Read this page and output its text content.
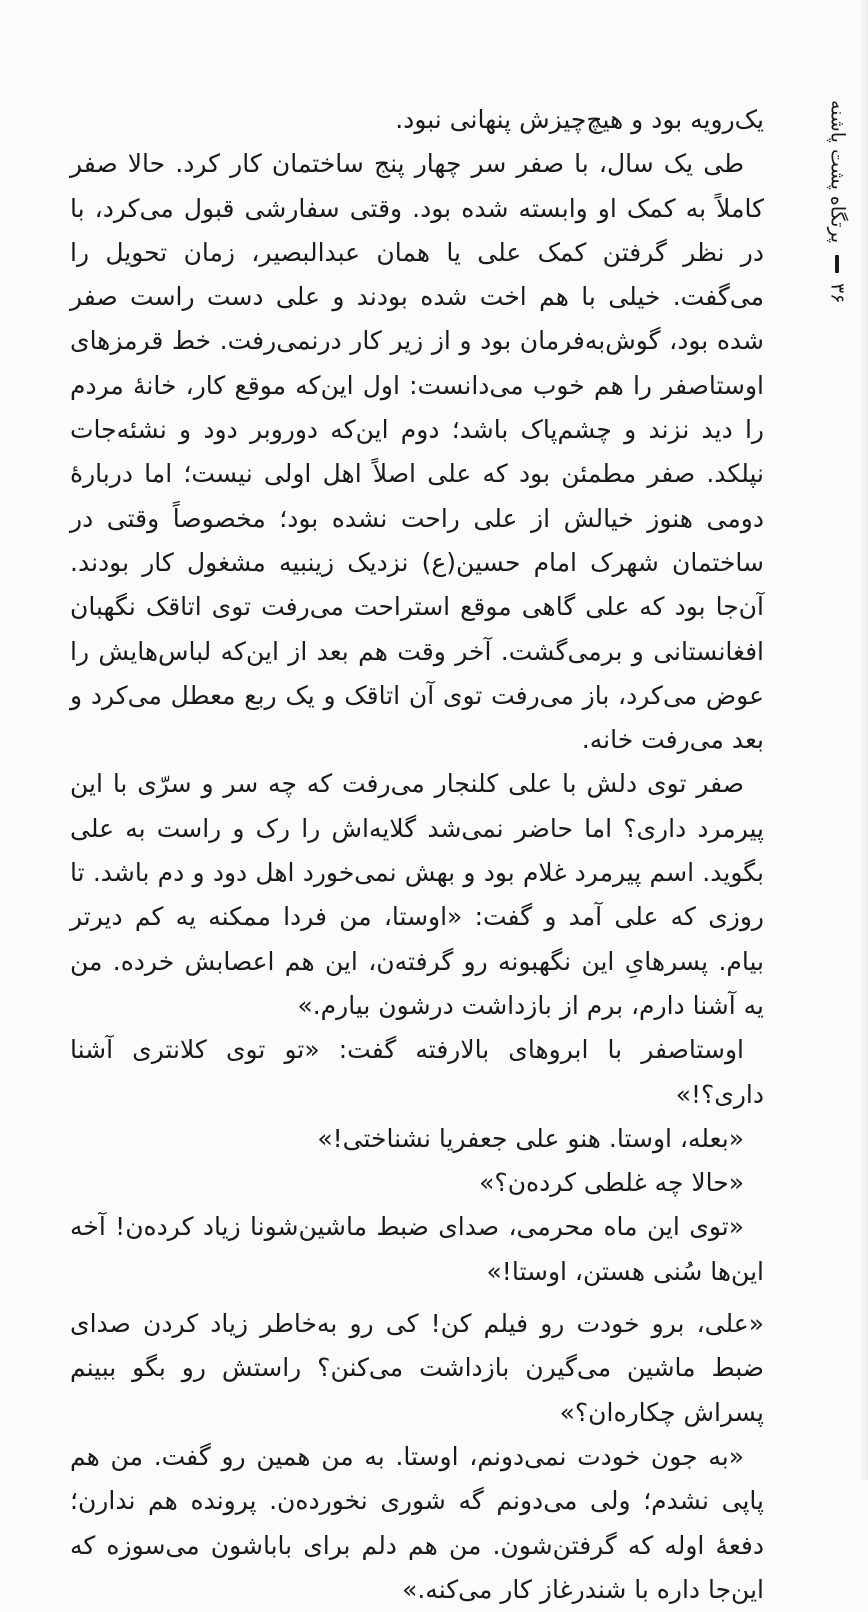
پرتگاه پشت پاشنه
۳۶

یک‌رویه بود و هیچ‌چیزش پنهانی نبود.

طی یک سال، با صفر سر چهار پنج ساختمان کار کرد. حالا صفر کاملاً به کمک او وابسته شده بود. وقتی سفارشی قبول می‌کرد، با در نظر گرفتن کمک علی یا همان عبدالبصیر، زمان تحویل را می‌گفت. خیلی با هم اخت شده بودند و علی دست راست صفر شده بود، گوش‌به‌فرمان بود و از زیر کار درنمی‌رفت. خط قرمزهای اوستاصفر را هم خوب می‌دانست: اول این‌که موقع کار، خانهٔ مردم را دید نزند و چشم‌پاک باشد؛ دوم این‌که دوروبر دود و نشئه‌جات نپلکد. صفر مطمئن بود که علی اصلاً اهل اولی نیست؛ اما دربارهٔ دومی هنوز خیالش از علی راحت نشده بود؛ مخصوصاً وقتی در ساختمان شهرک امام حسین(ع) نزدیک زینبیه مشغول کار بودند. آن‌جا بود که علی گاهی موقع استراحت می‌رفت توی اتاقک نگهبان افغانستانی و برمی‌گشت. آخر وقت هم بعد از این‌که لباس‌هایش را عوض می‌کرد، باز می‌رفت توی آن اتاقک و یک ربع معطل می‌کرد و بعد می‌رفت خانه.

صفر توی دلش با علی کلنجار می‌رفت که چه سر و سرّی با این پیرمرد داری؟ اما حاضر نمی‌شد گلایه‌اش را رک و راست به علی بگوید. اسم پیرمرد غلام بود و بهش نمی‌خورد اهل دود و دم باشد. تا روزی که علی آمد و گفت: «اوستا، من فردا ممکنه یه کم دیرتر بیام. پسرهایِ این نگهبونه رو گرفته‌ن، این هم اعصابش خرده. من یه آشنا دارم، برم از بازداشت درشون بیارم.»

اوستاصفر با ابروهای بالارفته گفت: «تو توی کلانتری آشنا داری؟!»

«بعله، اوستا. هنو علی جعفریا نشناختی!»

«حالا چه غلطی کرده‌ن؟»

«توی این ماه محرمی، صدای ضبط ماشین‌شونا زیاد کرده‌ن! آخه این‌ها سُنی هستن، اوستا!»

«علی، برو خودت رو فیلم کن! کی رو به‌خاطر زیاد کردن صدای ضبط ماشین می‌گیرن بازداشت می‌کنن؟ راستش رو بگو ببینم پسراش چکاره‌ان؟»

«به جون خودت نمی‌دونم، اوستا. به من همین رو گفت. من هم پاپی نشدم؛ ولی می‌دونم گه شوری نخورده‌ن. پرونده هم ندارن؛ دفعهٔ اوله که گرفتن‌شون. من هم دلم برای باباشون می‌سوزه که این‌جا داره با شندرغاز کار می‌کنه.»
